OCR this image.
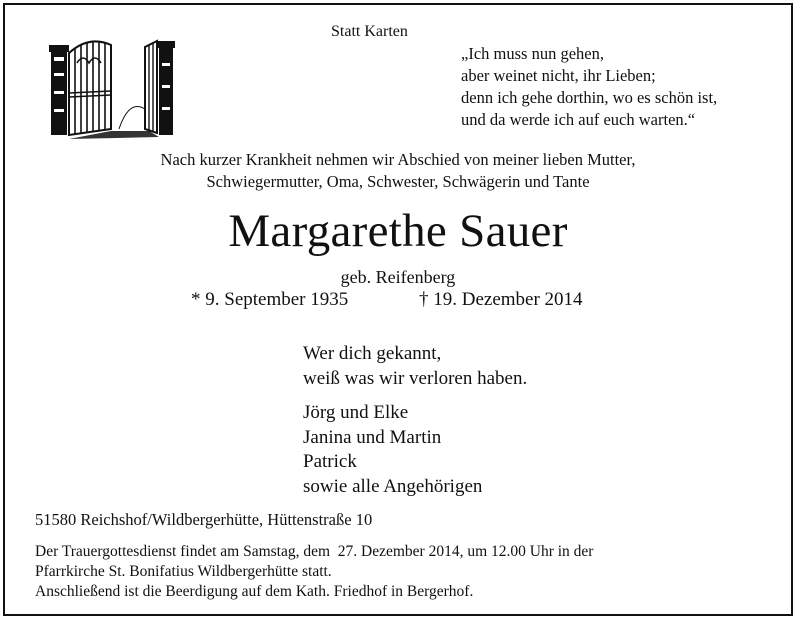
Statt Karten

„Ich muss nun gehen,
aber weinet nicht, ihr Lieben;
denn ich gehe dorthin, wo es schön ist,
und da werde ich auf euch warten.“
Nach kurzer Krankheit nehmen wir Abschied von meiner lieben Mutter,
Schwiegermutter, Oma, Schwester, Schwägerin und Tante
Margarethe Sauer

geb. Reifenberg

* 9. September 1935	† 19. Dezember 2014

Wer dich gekannt,
weiß was wir verloren haben.
Jörg und Elke
Janina und Martin
Patrick
sowie alle Angehörigen

51580 Reichshof/Wildbergerhütte, Hüttenstraße 10

Der Trauergottesdienst findet am Samstag, dem  27. Dezember 2014, um 12.00 Uhr in der
Pfarrkirche St. Bonifatius Wildbergerhütte statt.
Anschließend ist die Beerdigung auf dem Kath. Friedhof in Bergerhof.
